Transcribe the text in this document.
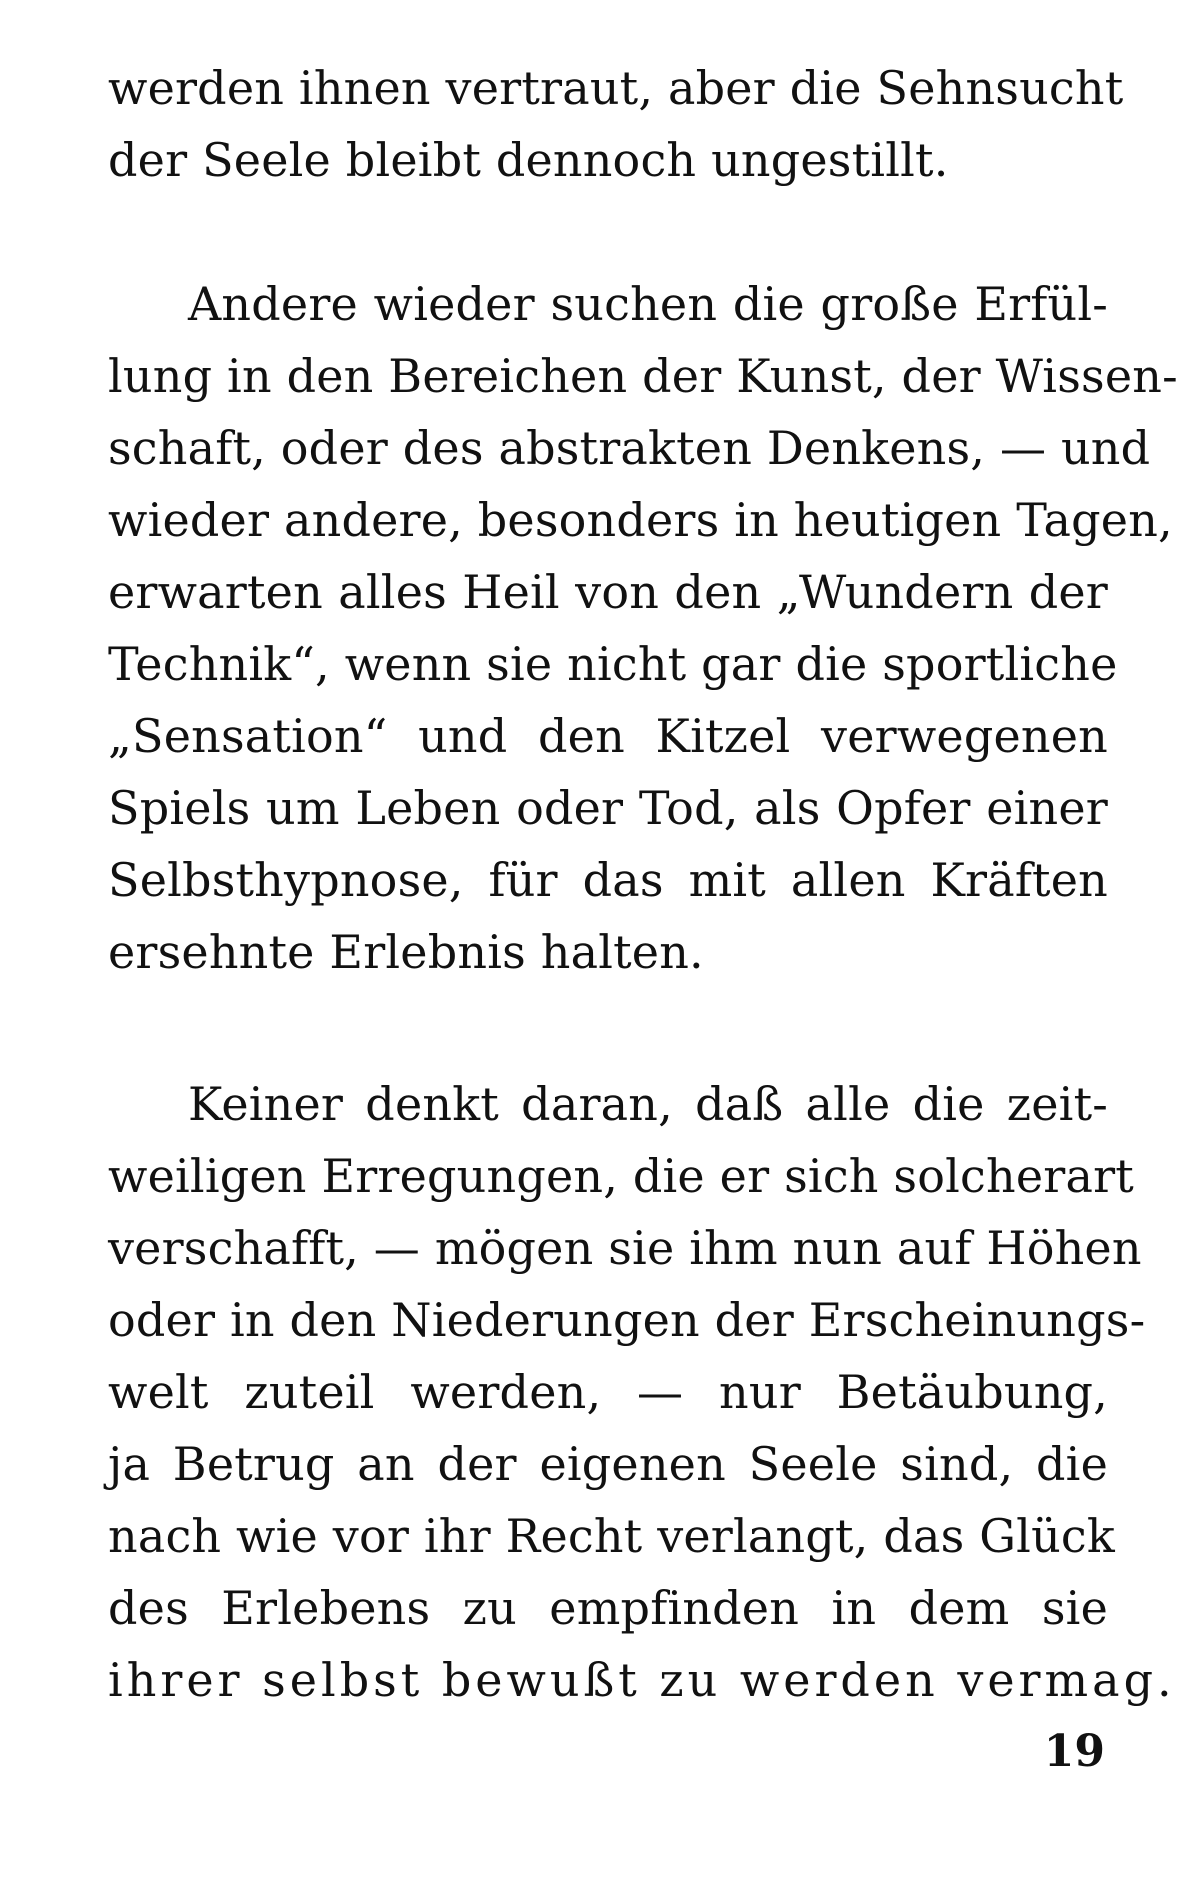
werden ihnen vertraut, aber die Sehnsucht
der Seele bleibt dennoch ungestillt.
Andere wieder suchen die große Erfül-
lung in den Bereichen der Kunst, der Wissen-
schaft, oder des abstrakten Denkens, — und
wieder andere, besonders in heutigen Tagen,
erwarten alles Heil von den „Wundern der
Technik“, wenn sie nicht gar die sportliche
„Sensation“ und den Kitzel verwegenen
Spiels um Leben oder Tod, als Opfer einer
Selbsthypnose, für das mit allen Kräften
ersehnte Erlebnis halten.
Keiner denkt daran, daß alle die zeit-
weiligen Erregungen, die er sich solcherart
verschafft, — mögen sie ihm nun auf Höhen
oder in den Niederungen der Erscheinungs-
welt zuteil werden, — nur Betäubung,
ja Betrug an der eigenen Seele sind, die
nach wie vor ihr Recht verlangt, das Glück
des Erlebens zu empfinden in dem sie
ihrer selbst bewußt zu werden vermag.
19
